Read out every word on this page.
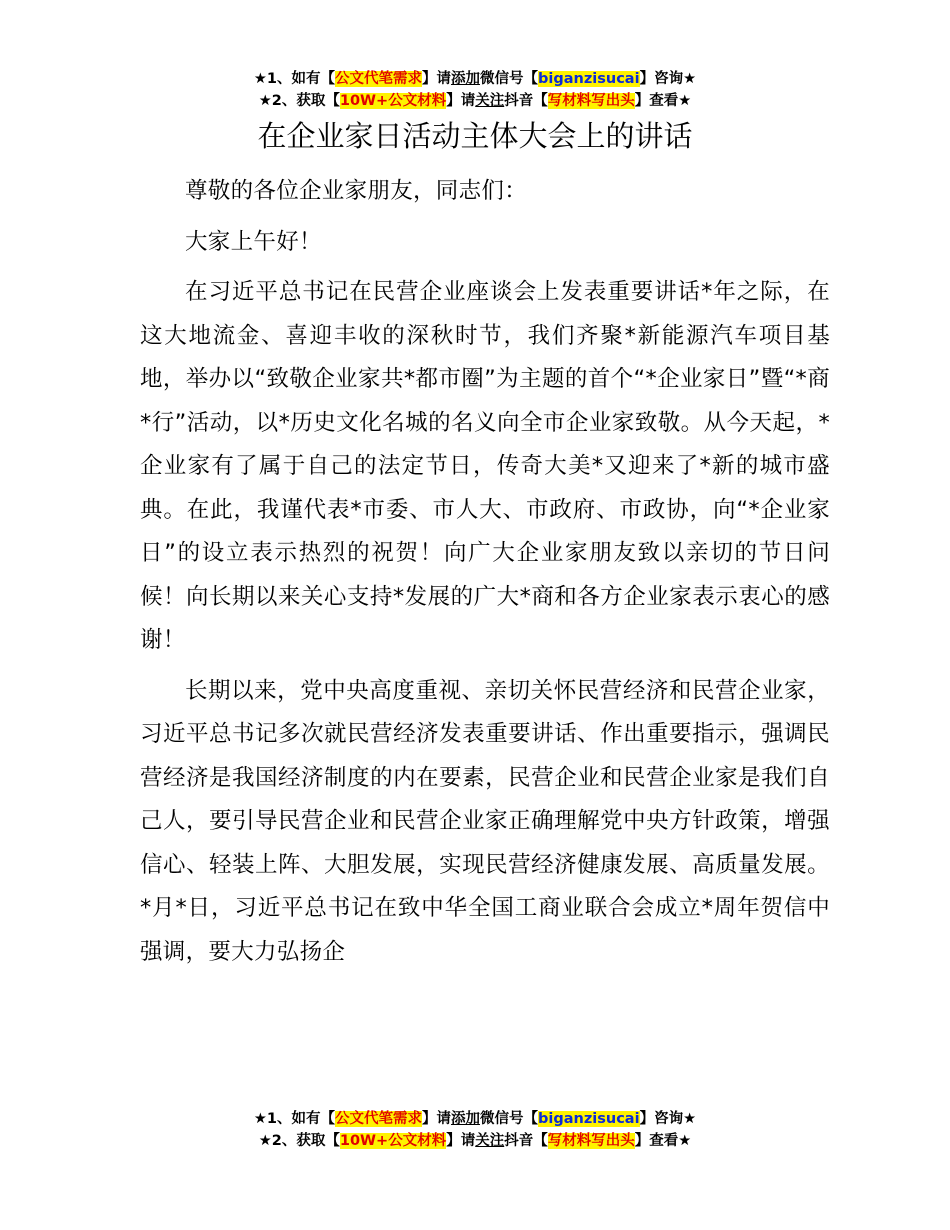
★1、如有【公文代笔需求】请添加微信号【biganzisucai】咨询★
★2、获取【10W+公文材料】请关注抖音【写材料写出头】查看★
在企业家日活动主体大会上的讲话

尊敬的各位企业家朋友，同志们：

大家上午好！

在习近平总书记在民营企业座谈会上发表重要讲话*年之际，在这大地流金、喜迎丰收的深秋时节，我们齐聚*新能源汽车项目基地，举办以“致敬企业家共*都市圈”为主题的首个“*企业家日”暨“*商*行”活动，以*历史文化名城的名义向全市企业家致敬。从今天起，*企业家有了属于自己的法定节日，传奇大美*又迎来了*新的城市盛典。在此，我谨代表*市委、市人大、市政府、市政协，向“*企业家日”的设立表示热烈的祝贺！向广大企业家朋友致以亲切的节日问候！向长期以来关心支持*发展的广大*商和各方企业家表示衷心的感谢！

长期以来，党中央高度重视、亲切关怀民营经济和民营企业家，习近平总书记多次就民营经济发表重要讲话、作出重要指示，强调民营经济是我国经济制度的内在要素，民营企业和民营企业家是我们自己人，要引导民营企业和民营企业家正确理解党中央方针政策，增强信心、轻装上阵、大胆发展，实现民营经济健康发展、高质量发展。*月*日，习近平总书记在致中华全国工商业联合会成立*周年贺信中强调，要大力弘扬企

★1、如有【公文代笔需求】请添加微信号【biganzisucai】咨询★
★2、获取【10W+公文材料】请关注抖音【写材料写出头】查看★
